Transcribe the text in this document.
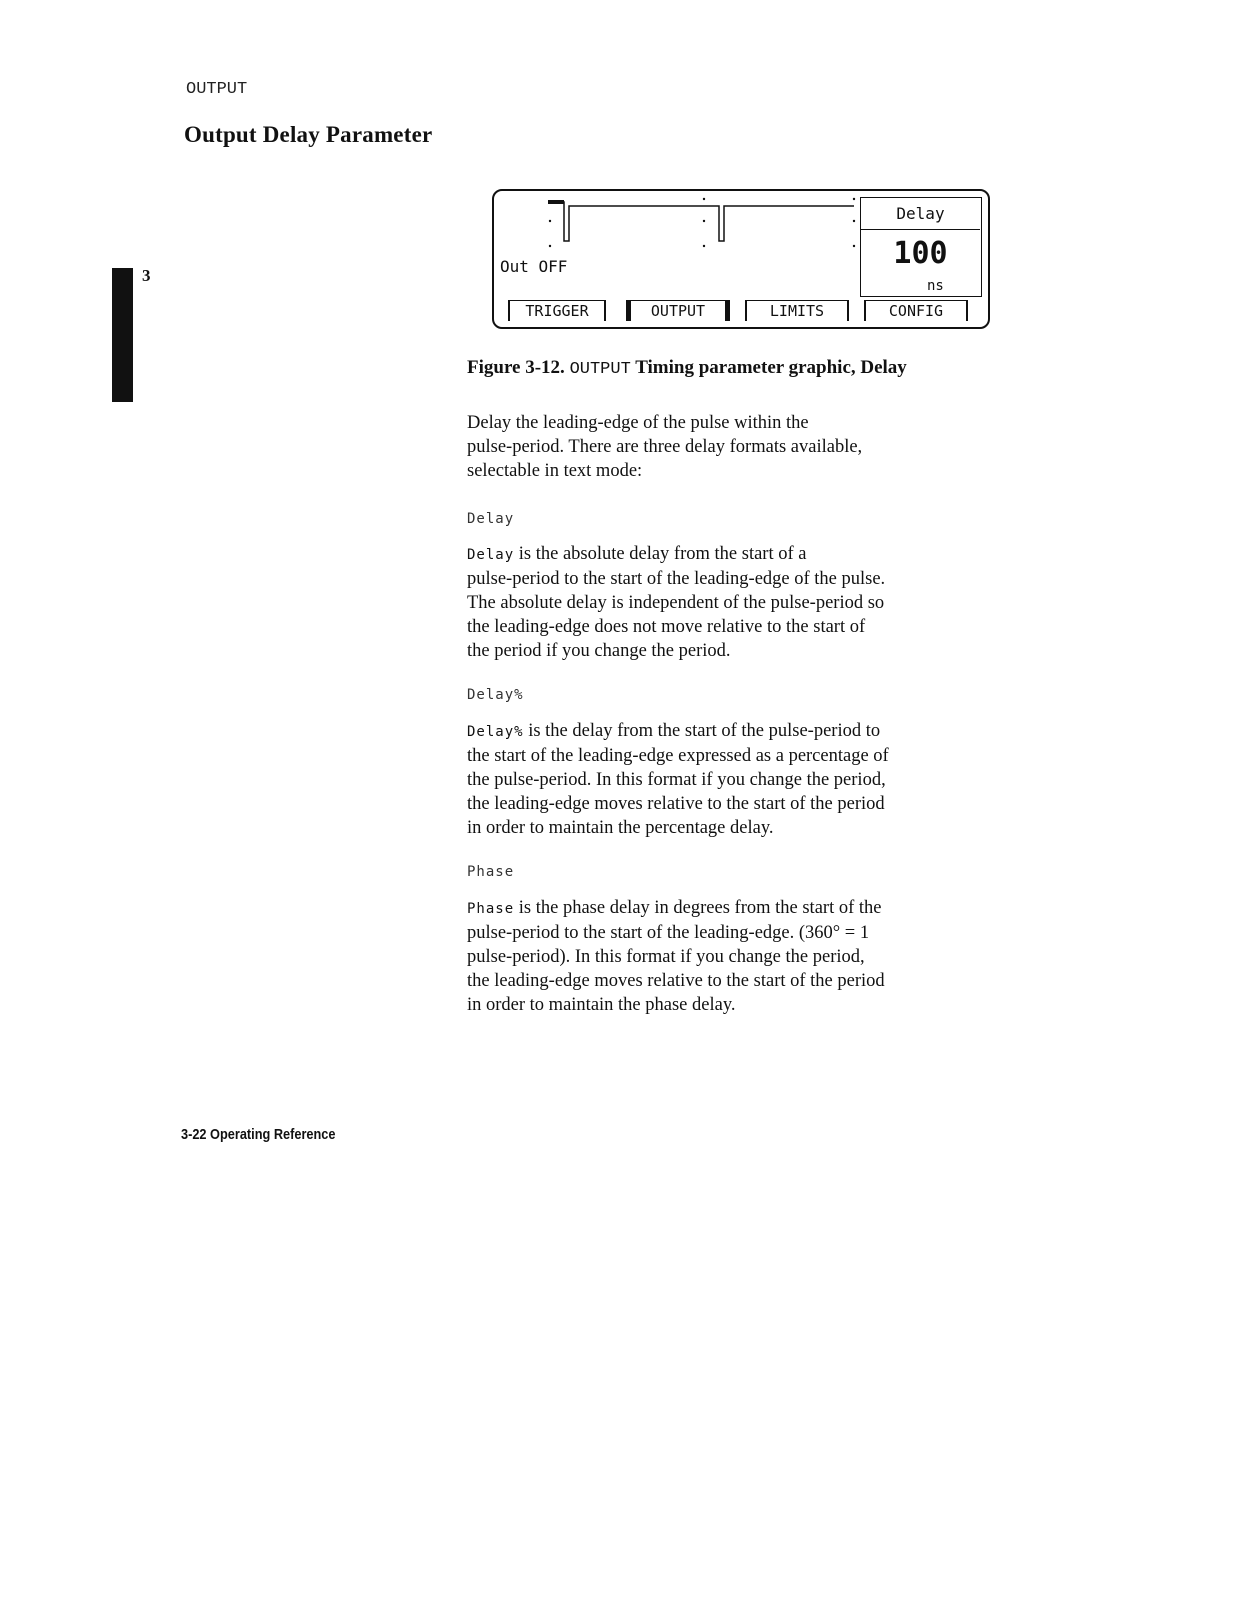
OUTPUT
Output Delay Parameter
3	Out OFF
Delay
100
ns
TRIGGER	OUTPUT	LIMITS	CONFIG
Figure 3-12. OUTPUT Timing parameter graphic, Delay
Delay the leading-edge of the pulse within the
pulse-period. There are three delay formats available,
selectable in text mode:
Delay
Delay is the absolute delay from the start of a
pulse-period to the start of the leading-edge of the pulse.
The absolute delay is independent of the pulse-period so
the leading-edge does not move relative to the start of
the period if you change the period.
Delay%
Delay% is the delay from the start of the pulse-period to
the start of the leading-edge expressed as a percentage of
the pulse-period. In this format if you change the period,
the leading-edge moves relative to the start of the period
in order to maintain the percentage delay.
Phase
Phase is the phase delay in degrees from the start of the
pulse-period to the start of the leading-edge. (360° = 1
pulse-period). In this format if you change the period,
the leading-edge moves relative to the start of the period
in order to maintain the phase delay.
3-22 Operating Reference
